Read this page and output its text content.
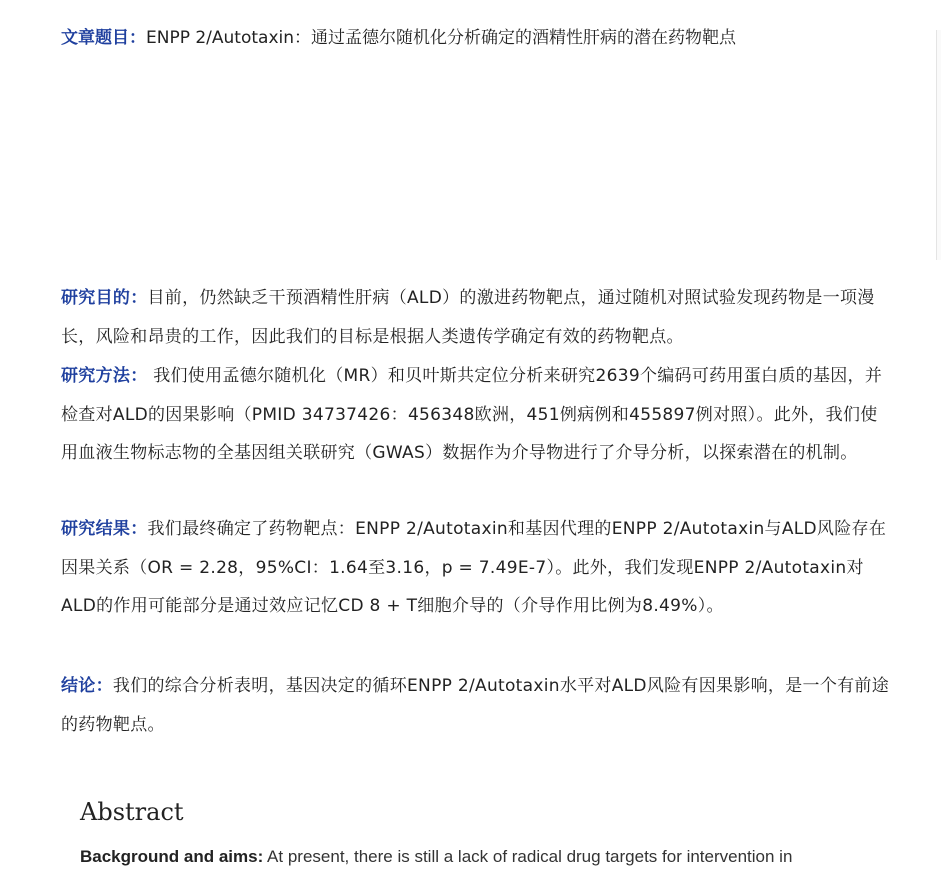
文章题目：ENPP 2/Autotaxin：通过孟德尔随机化分析确定的酒精性肝病的潜在药物靶点
研究目的：目前，仍然缺乏干预酒精性肝病（ALD）的激进药物靶点，通过随机对照试验发现药物是一项漫长，风险和昂贵的工作，因此我们的目标是根据人类遗传学确定有效的药物靶点。
研究方法： 我们使用孟德尔随机化（MR）和贝叶斯共定位分析来研究2639个编码可药用蛋白质的基因，并检查对ALD的因果影响（PMID 34737426：456348欧洲，451例病例和455897例对照）。此外，我们使用血液生物标志物的全基因组关联研究（GWAS）数据作为介导物进行了介导分析，以探索潜在的机制。
研究结果：我们最终确定了药物靶点：ENPP 2/Autotaxin和基因代理的ENPP 2/Autotaxin与ALD风险存在因果关系（OR = 2.28，95%CI：1.64至3.16，p = 7.49E-7）。此外，我们发现ENPP 2/Autotaxin对ALD的作用可能部分是通过效应记忆CD 8 + T细胞介导的（介导作用比例为8.49%）。
结论：我们的综合分析表明，基因决定的循环ENPP 2/Autotaxin水平对ALD风险有因果影响，是一个有前途的药物靶点。
Abstract
Background and aims: At present, there is still a lack of radical drug targets for intervention in
